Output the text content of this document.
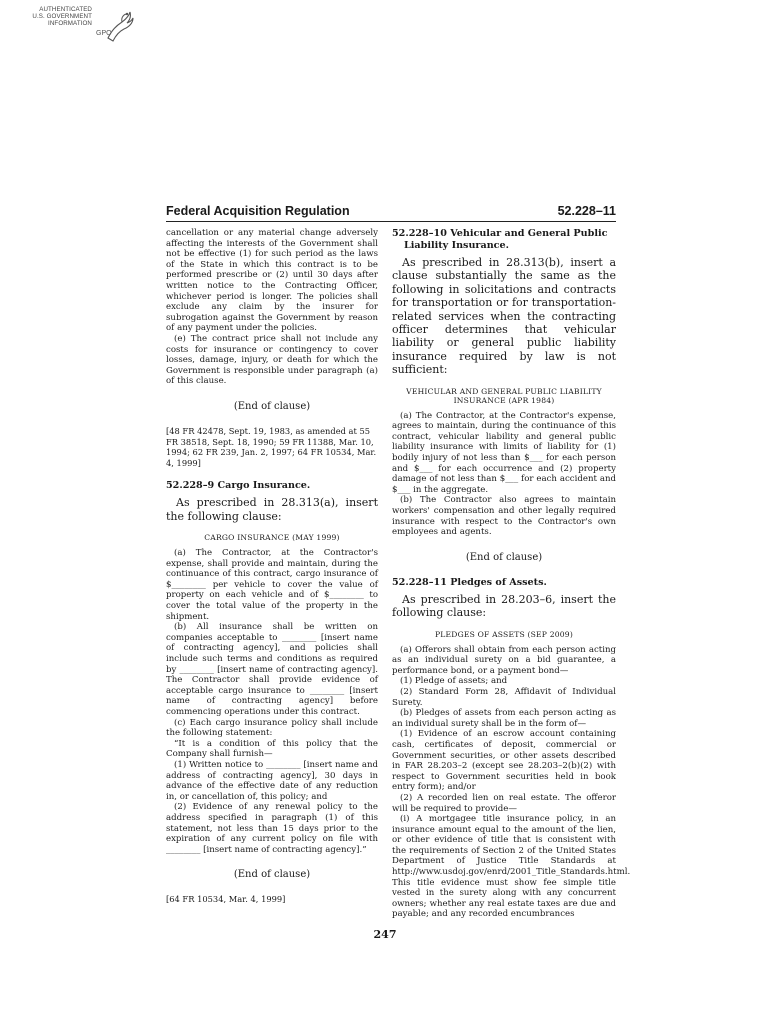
AUTHENTICATED
U.S. GOVERNMENT
INFORMATION
GPO
Federal Acquisition Regulation	52.228–11

cancellation or any material change adversely affecting the interests of the Government shall not be effective (1) for such period as the laws of the State in which this contract is to be performed prescribe or (2) until 30 days after written notice to the Contracting Officer, whichever period is longer. The policies shall exclude any claim by the insurer for subrogation against the Government by reason of any payment under the policies.

(e) The contract price shall not include any costs for insurance or contingency to cover losses, damage, injury, or death for which the Government is responsible under paragraph (a) of this clause.

(End of clause)

[48 FR 42478, Sept. 19, 1983, as amended at 55 FR 38518, Sept. 18, 1990; 59 FR 11388, Mar. 10, 1994; 62 FR 239, Jan. 2, 1997; 64 FR 10534, Mar. 4, 1999]

52.228–9 Cargo Insurance.

As prescribed in 28.313(a), insert the following clause:

CARGO INSURANCE (MAY 1999)

(a) The Contractor, at the Contractor's expense, shall provide and maintain, during the continuance of this contract, cargo insurance of $________ per vehicle to cover the value of property on each vehicle and of $________ to cover the total value of the property in the shipment.

(b) All insurance shall be written on companies acceptable to ________ [insert name of contracting agency], and policies shall include such terms and conditions as required by ________ [insert name of contracting agency]. The Contractor shall provide evidence of acceptable cargo insurance to ________ [insert name of contracting agency] before commencing operations under this contract.

(c) Each cargo insurance policy shall include the following statement:

“It is a condition of this policy that the Company shall furnish—

(1) Written notice to ________ [insert name and address of contracting agency], 30 days in advance of the effective date of any reduction in, or cancellation of, this policy; and

(2) Evidence of any renewal policy to the address specified in paragraph (1) of this statement, not less than 15 days prior to the expiration of any current policy on file with ________ [insert name of contracting agency].”

(End of clause)

[64 FR 10534, Mar. 4, 1999]

52.228–10 Vehicular and General Public Liability Insurance.

As prescribed in 28.313(b), insert a clause substantially the same as the following in solicitations and contracts for transportation or for transportation-related services when the contracting officer determines that vehicular liability or general public liability insurance required by law is not sufficient:

VEHICULAR AND GENERAL PUBLIC LIABILITY
INSURANCE (APR 1984)

(a) The Contractor, at the Contractor's expense, agrees to maintain, during the continuance of this contract, vehicular liability and general public liability insurance with limits of liability for (1) bodily injury of not less than $___ for each person and $___ for each occurrence and (2) property damage of not less than $___ for each accident and $___ in the aggregate.

(b) The Contractor also agrees to maintain workers' compensation and other legally required insurance with respect to the Contractor's own employees and agents.

(End of clause)
52.228–11 Pledges of Assets.

As prescribed in 28.203–6, insert the following clause:

PLEDGES OF ASSETS (SEP 2009)

(a) Offerors shall obtain from each person acting as an individual surety on a bid guarantee, a performance bond, or a payment bond—

(1) Pledge of assets; and

(2) Standard Form 28, Affidavit of Individual Surety.

(b) Pledges of assets from each person acting as an individual surety shall be in the form of—

(1) Evidence of an escrow account containing cash, certificates of deposit, commercial or Government securities, or other assets described in FAR 28.203–2 (except see 28.203–2(b)(2) with respect to Government securities held in book entry form); and/or

(2) A recorded lien on real estate. The offeror will be required to provide—

(i) A mortgagee title insurance policy, in an insurance amount equal to the amount of the lien, or other evidence of title that is consistent with the requirements of Section 2 of the United States Department of Justice Title Standards at http://www.usdoj.gov/enrd/2001_Title_Standards.html. This title evidence must show fee simple title vested in the surety along with any concurrent owners; whether any real estate taxes are due and payable; and any recorded encumbrances

247
